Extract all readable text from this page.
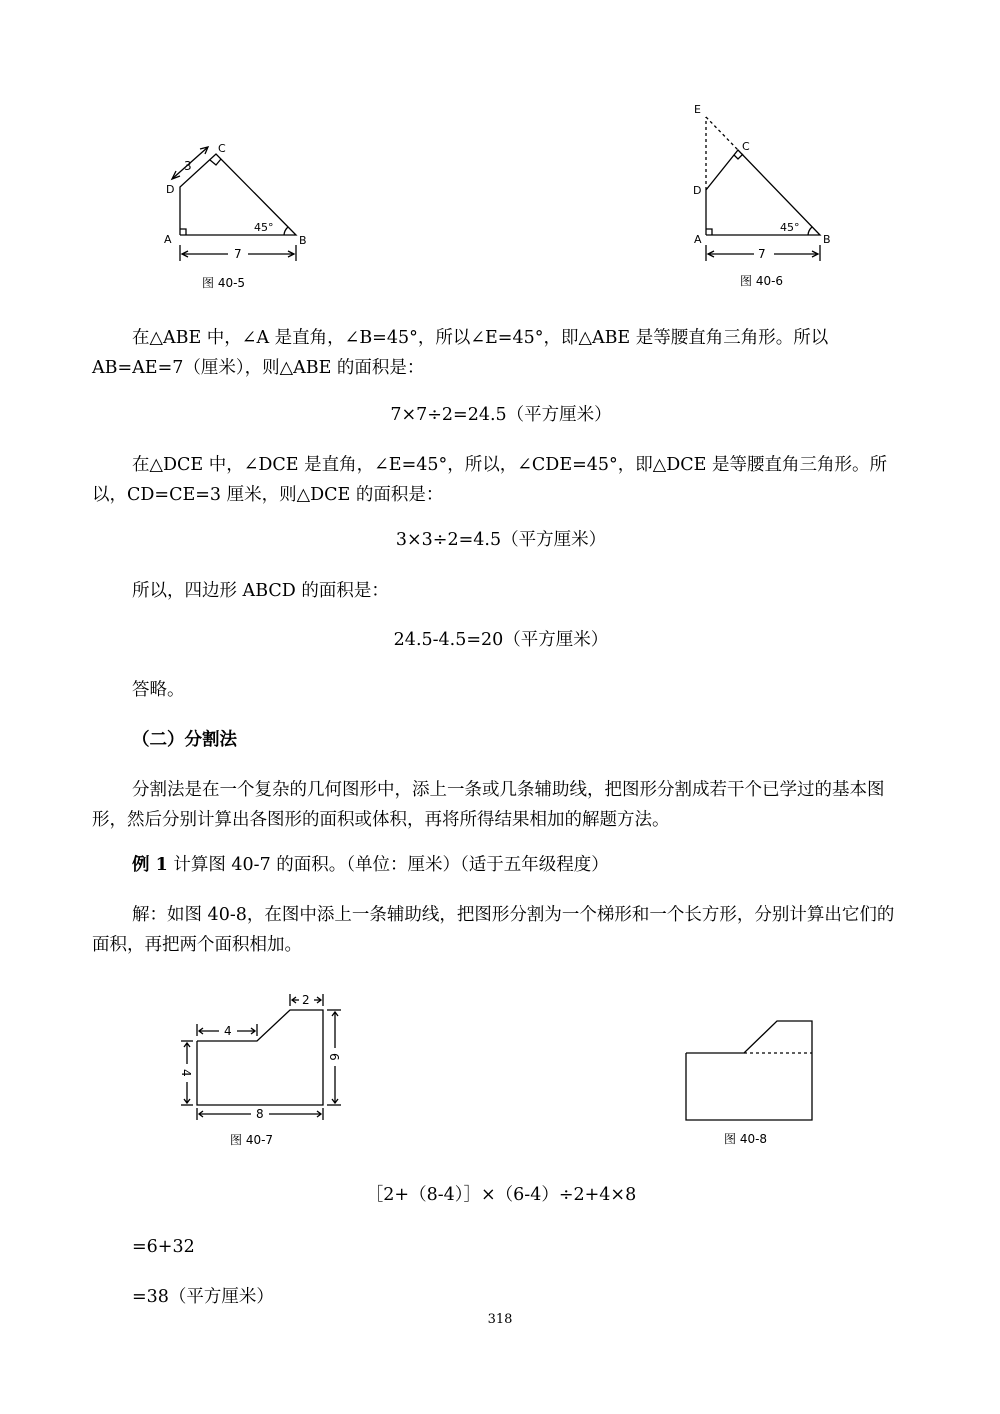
A	B
C
D
45°
3
7
图 40-5
E
C
D
A	B
45°
7
图 40-6
在△ABE 中，∠A 是直角，∠B=45°，所以∠E=45°，即△ABE 是等腰直角三角形。所以 AB=AE=7（厘米），则△ABE 的面积是：
7×7÷2=24.5（平方厘米）
在△DCE 中，∠DCE 是直角，∠E=45°，所以，∠CDE=45°，即△DCE 是等腰直角三角形。所以，CD=CE=3 厘米，则△DCE 的面积是：
3×3÷2=4.5（平方厘米）
所以，四边形 ABCD 的面积是：
24.5-4.5=20（平方厘米）
答略。
（二）分割法
分割法是在一个复杂的几何图形中，添上一条或几条辅助线，把图形分割成若干个已学过的基本图形，然后分别计算出各图形的面积或体积，再将所得结果相加的解题方法。
例 1 计算图 40-7 的面积。（单位：厘米）（适于五年级程度）
解：如图 40-8，在图中添上一条辅助线，把图形分割为一个梯形和一个长方形，分别计算出它们的面积，再把两个面积相加。
2
4
4
6
8
图 40-7	图 40-8
［2+（8-4）］×（6-4）÷2+4×8
=6+32
=38（平方厘米）
318
